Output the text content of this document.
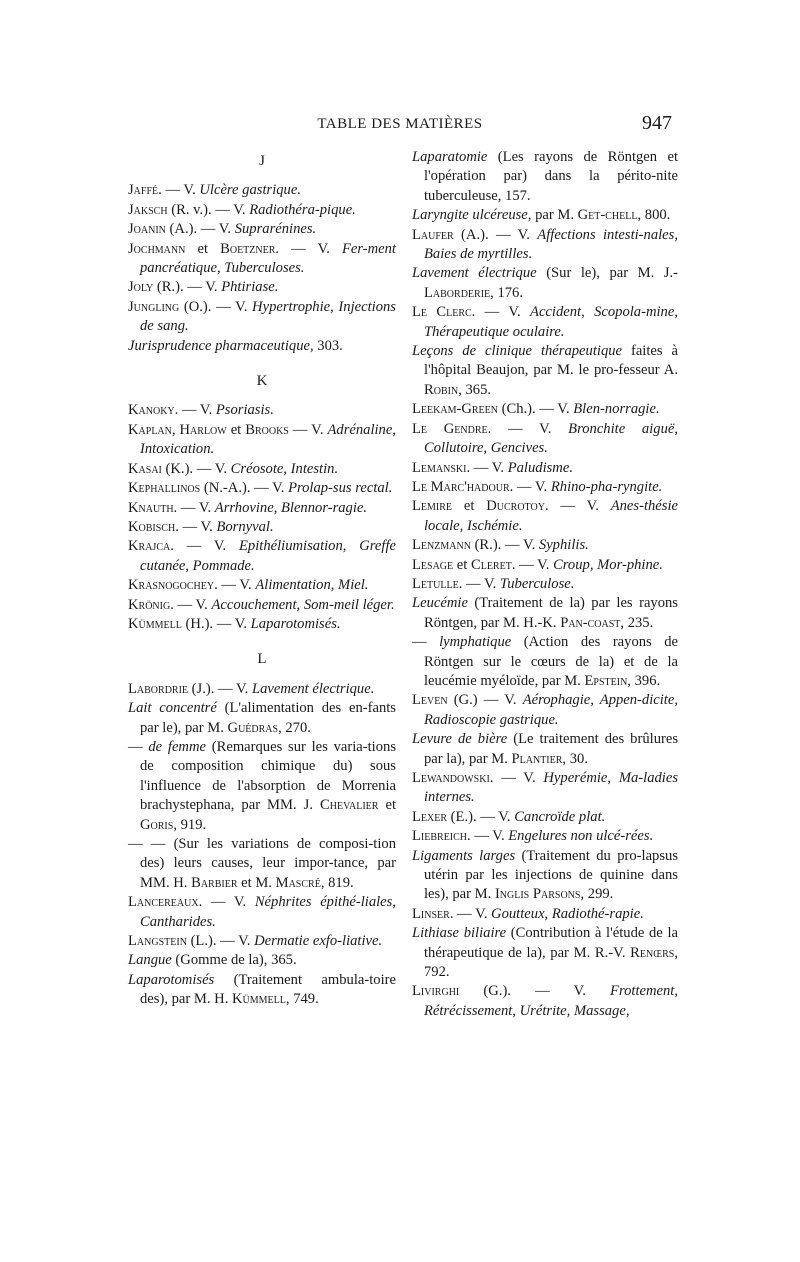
TABLE DES MATIÈRES	947
J
Jaffé. — V. Ulcère gastrique.
Jaksch (R. v.). — V. Radiothéra-pique.
Joanin (A.). — V. Suprarénines.
Jochmann et Boetzner. — V. Fer-ment pancréatique, Tuberculoses.
Joly (R.). — V. Phtiriase.
Jungling (O.). — V. Hypertrophie, Injections de sang.
Jurisprudence pharmaceutique, 303.
K
Kanoky. — V. Psoriasis.
Kaplan, Harlow et Brooks — V. Adrénaline, Intoxication.
Kasai (K.). — V. Créosote, Intestin.
Kephallinos (N.-A.). — V. Prolap-sus rectal.
Knauth. — V. Arrhovine, Blennor-ragie.
Kobisch. — V. Bornyval.
Krajca. — V. Epithéliumisation, Greffe cutanée, Pommade.
Krasnogochey. — V. Alimentation, Miel.
Krönig. — V. Accouchement, Som-meil léger.
Kümmell (H.). — V. Laparotomisés.
L
Labordrie (J.). — V. Lavement électrique.
Lait concentré (L'alimentation des en-fants par le), par M. Guédras, 270.
— de femme (Remarques sur les varia-tions de composition chimique du) sous l'influence de l'absorption de Morrenia brachystephana, par MM. J. Chevalier et Goris, 919.
— — (Sur les variations de composi-tion des) leurs causes, leur impor-tance, par MM. H. Barbier et M. Mascré, 819.
Lancereaux. — V. Néphrites épithé-liales, Cantharides.
Langstein (L.). — V. Dermatie exfo-liative.
Langue (Gomme de la), 365.
Laparotomisés (Traitement ambula-toire des), par M. H. Kümmell, 749.
Laparatomie (Les rayons de Röntgen et l'opération par) dans la périto-nite tuberculeuse, 157.
Laryngite ulcéreuse, par M. Get-chell, 800.
Laufer (A.). — V. Affections intesti-nales, Baies de myrtilles.
Lavement électrique (Sur le), par M. J.-Laborderie, 176.
Le Clerc. — V. Accident, Scopola-mine, Thérapeutique oculaire.
Leçons de clinique thérapeutique faites à l'hôpital Beaujon, par M. le pro-fesseur A. Robin, 365.
Leekam-Green (Ch.). — V. Blen-norragie.
Le Gendre. — V. Bronchite aiguë, Collutoire, Gencives.
Lemanski. — V. Paludisme.
Le Marc'hadour. — V. Rhino-pha-ryngite.
Lemire et Ducrotoy. — V. Anes-thésie locale, Ischémie.
Lenzmann (R.). — V. Syphilis.
Lesage et Cleret. — V. Croup, Mor-phine.
Letulle. — V. Tuberculose.
Leucémie (Traitement de la) par les rayons Röntgen, par M. H.-K. Pan-coast, 235.
— lymphatique (Action des rayons de Röntgen sur le cœurs de la) et de la leucémie myéloïde, par M. Epstein, 396.
Leven (G.) — V. Aérophagie, Appen-dicite, Radioscopie gastrique.
Levure de bière (Le traitement des brûlures par la), par M. Plantier, 30.
Lewandowski. — V. Hyperémie, Ma-ladies internes.
Lexer (E.). — V. Cancroïde plat.
Liebreich. — V. Engelures non ulcé-rées.
Ligaments larges (Traitement du pro-lapsus utérin par les injections de quinine dans les), par M. Inglis Parsons, 299.
Linser. — V. Goutteux, Radiothé-rapie.
Lithiase biliaire (Contribution à l'étude de la thérapeutique de la), par M. R.-V. Renœrs, 792.
Livirghi (G.). — V. Frottement, Rétrécissement, Urétrite, Massage,
